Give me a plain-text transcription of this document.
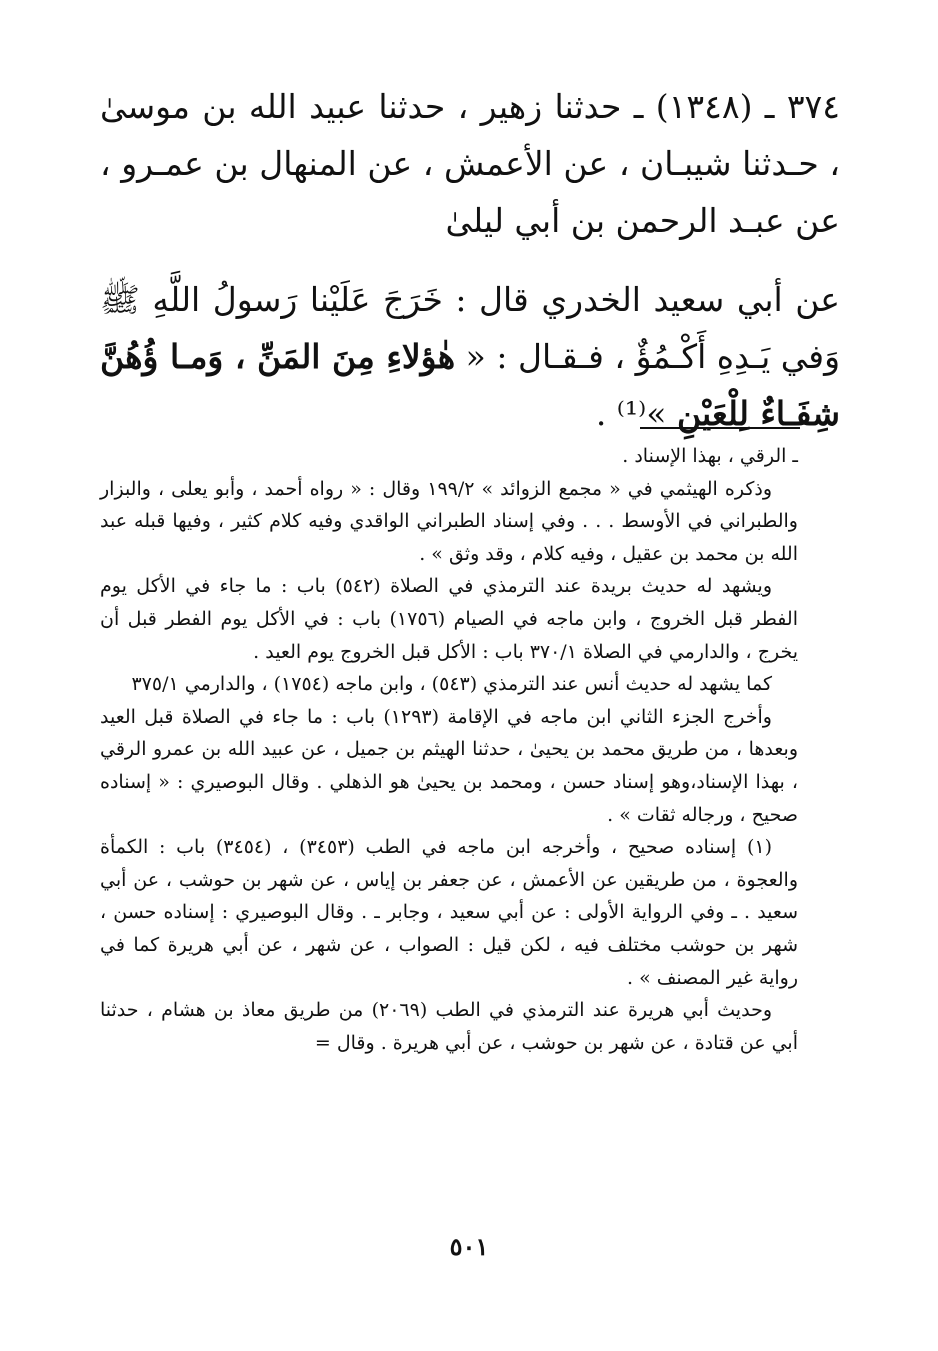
٣٧٤ ـ (١٣٤٨) ـ حدثنا زهير ، حدثنا عبيد الله بن موسىٰ ، حـدثنا شيبـان ، عن الأعمش ، عن المنهال بن عمـرو ، عن عبـد الرحمن بن أبي ليلىٰ

عن أبي سعيد الخدري قال : خَرَجَ عَلَيْنا رَسولُ اللَّهِ ﷺ وَفي يَـدِهِ أَكْـمُؤٌ ، فـقـال : « هٰؤلاءِ مِنَ المَنِّ ، وَمـا ؤُهُنَّ شِفَـاءٌ لِلْعَيْنِ »⁽¹⁾ .

ـ الرقي ، بهذا الإسناد .

وذكره الهيثمي في « مجمع الزوائد » ١٩٩/٢ وقال : « رواه أحمد ، وأبو يعلى ، والبزار والطبراني في الأوسط . . . وفي إسناد الطبراني الواقدي وفيه كلام كثير ، وفيها قبله عبد الله بن محمد بن عقيل ، وفيه كلام ، وقد وثق » .

ويشهد له حديث بريدة عند الترمذي في الصلاة (٥٤٢) باب : ما جاء في الأكل يوم الفطر قبل الخروج ، وابن ماجه في الصيام (١٧٥٦) باب : في الأكل يوم الفطر قبل أن يخرج ، والدارمي في الصلاة ٣٧٠/١ باب : الأكل قبل الخروج يوم العيد .

كما يشهد له حديث أنس عند الترمذي (٥٤٣) ، وابن ماجه (١٧٥٤) ، والدارمي ٣٧٥/١

وأخرج الجزء الثاني ابن ماجه في الإقامة (١٢٩٣) باب : ما جاء في الصلاة قبل العيد وبعدها ، من طريق محمد بن يحيىٰ ، حدثنا الهيثم بن جميل ، عن عبيد الله بن عمرو الرقي ، بهذا الإسناد،وهو إسناد حسن ، ومحمد بن يحيىٰ هو الذهلي . وقال البوصيري : « إسناده صحيح ، ورجاله ثقات » .

(١) إسناده صحيح ، وأخرجه ابن ماجه في الطب (٣٤٥٣) ، (٣٤٥٤) باب : الكمأة والعجوة ، من طريقين عن الأعمش ، عن جعفر بن إياس ، عن شهر بن حوشب ، عن أبي سعيد . ـ وفي الرواية الأولى : عن أبي سعيد ، وجابر ـ . وقال البوصيري : إسناده حسن ، شهر بن حوشب مختلف فيه ، لكن قيل : الصواب ، عن شهر ، عن أبي هريرة كما في رواية غير المصنف » .

وحديث أبي هريرة عند الترمذي في الطب (٢٠٦٩) من طريق معاذ بن هشام ، حدثنا أبي عن قتادة ، عن شهر بن حوشب ، عن أبي هريرة . وقال =

٥٠١
